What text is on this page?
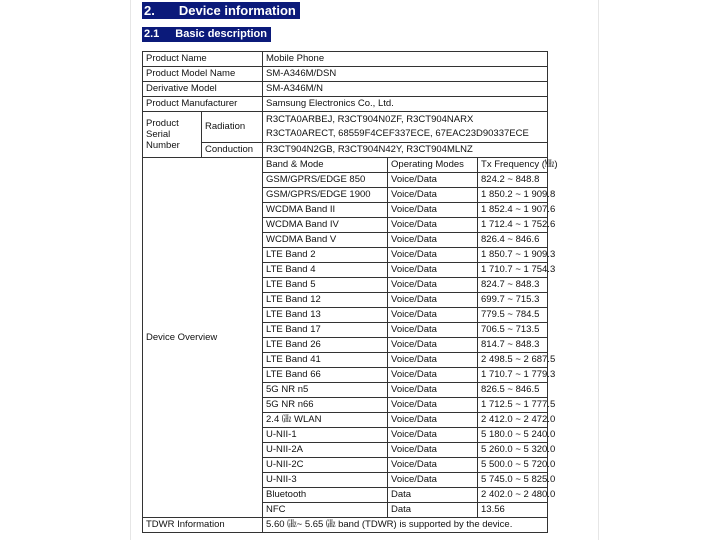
2. Device information
2.1 Basic description
Product Name		Mobile Phone		
Product Model Name		SM-A346M/DSN		
Derivative Model		SM-A346M/N		
Product Manufacturer		Samsung Electronics Co., Ltd.		
Product Serial Number	Radiation	R3CTA0ARBEJ, R3CT904N0ZF, R3CT904NARX
R3CTA0ARECT, 68559F4CEF337ECE, 67EAC23D90337ECE		

	Conduction	R3CT904N2GB, R3CT904N42Y, R3CT904MLNZ		
Device Overview		Band & Mode	Operating Modes	Tx Frequency (㎒)
		GSM/GPRS/EDGE 850	Voice/Data	824.2 ~ 848.8
		GSM/GPRS/EDGE 1900	Voice/Data	1 850.2 ~ 1 909.8
		WCDMA Band II	Voice/Data	1 852.4 ~ 1 907.6
		WCDMA Band IV	Voice/Data	1 712.4 ~ 1 752.6
		WCDMA Band V	Voice/Data	826.4 ~ 846.6
		LTE Band 2	Voice/Data	1 850.7 ~ 1 909.3
		LTE Band 4	Voice/Data	1 710.7 ~ 1 754.3
		LTE Band 5	Voice/Data	824.7 ~ 848.3
		LTE Band 12	Voice/Data	699.7 ~ 715.3
		LTE Band 13	Voice/Data	779.5 ~ 784.5
		LTE Band 17	Voice/Data	706.5 ~ 713.5
		LTE Band 26	Voice/Data	814.7 ~ 848.3
		LTE Band 41	Voice/Data	2 498.5 ~ 2 687.5
		LTE Band 66	Voice/Data	1 710.7 ~ 1 779.3
		5G NR n5	Voice/Data	826.5 ~ 846.5
		5G NR n66	Voice/Data	1 712.5 ~ 1 777.5
		2.4 ㎓ WLAN	Voice/Data	2 412.0 ~ 2 472.0
		U-NII-1	Voice/Data	5 180.0 ~ 5 240.0
		U-NII-2A	Voice/Data	5 260.0 ~ 5 320.0
		U-NII-2C	Voice/Data	5 500.0 ~ 5 720.0
		U-NII-3	Voice/Data	5 745.0 ~ 5 825.0
		Bluetooth	Data	2 402.0 ~ 2 480.0
		NFC	Data	13.56
TDWR Information		5.60 ㎓~ 5.65 ㎓ band (TDWR) is supported by the device.		
